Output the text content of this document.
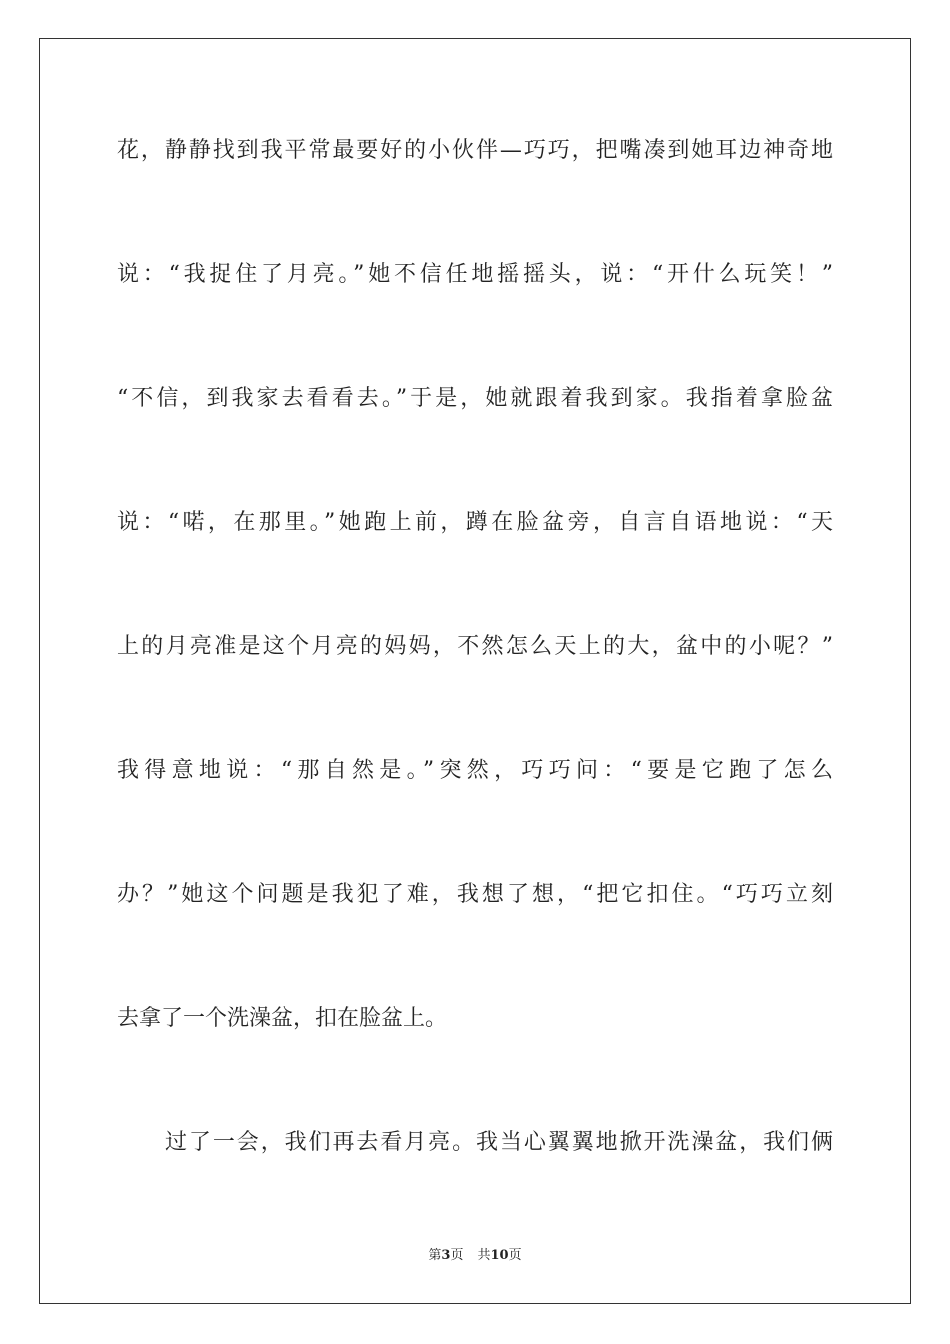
花，静静找到我平常最要好的小伙伴—巧巧，把嘴凑到她耳边神奇地
说：“我捉住了月亮。”她不信任地摇摇头，说：“开什么玩笑！”
“不信，到我家去看看去。”于是，她就跟着我到家。我指着拿脸盆
说：“喏，在那里。”她跑上前，蹲在脸盆旁，自言自语地说：“天
上的月亮准是这个月亮的妈妈，不然怎么天上的大，盆中的小呢？”
我得意地说：“那自然是。”突然，巧巧问：“要是它跑了怎么
办？”她这个问题是我犯了难，我想了想，“把它扣住。“巧巧立刻
去拿了一个洗澡盆，扣在脸盆上。
过了一会，我们再去看月亮。我当心翼翼地掀开洗澡盆，我们俩
第3页 共10页
